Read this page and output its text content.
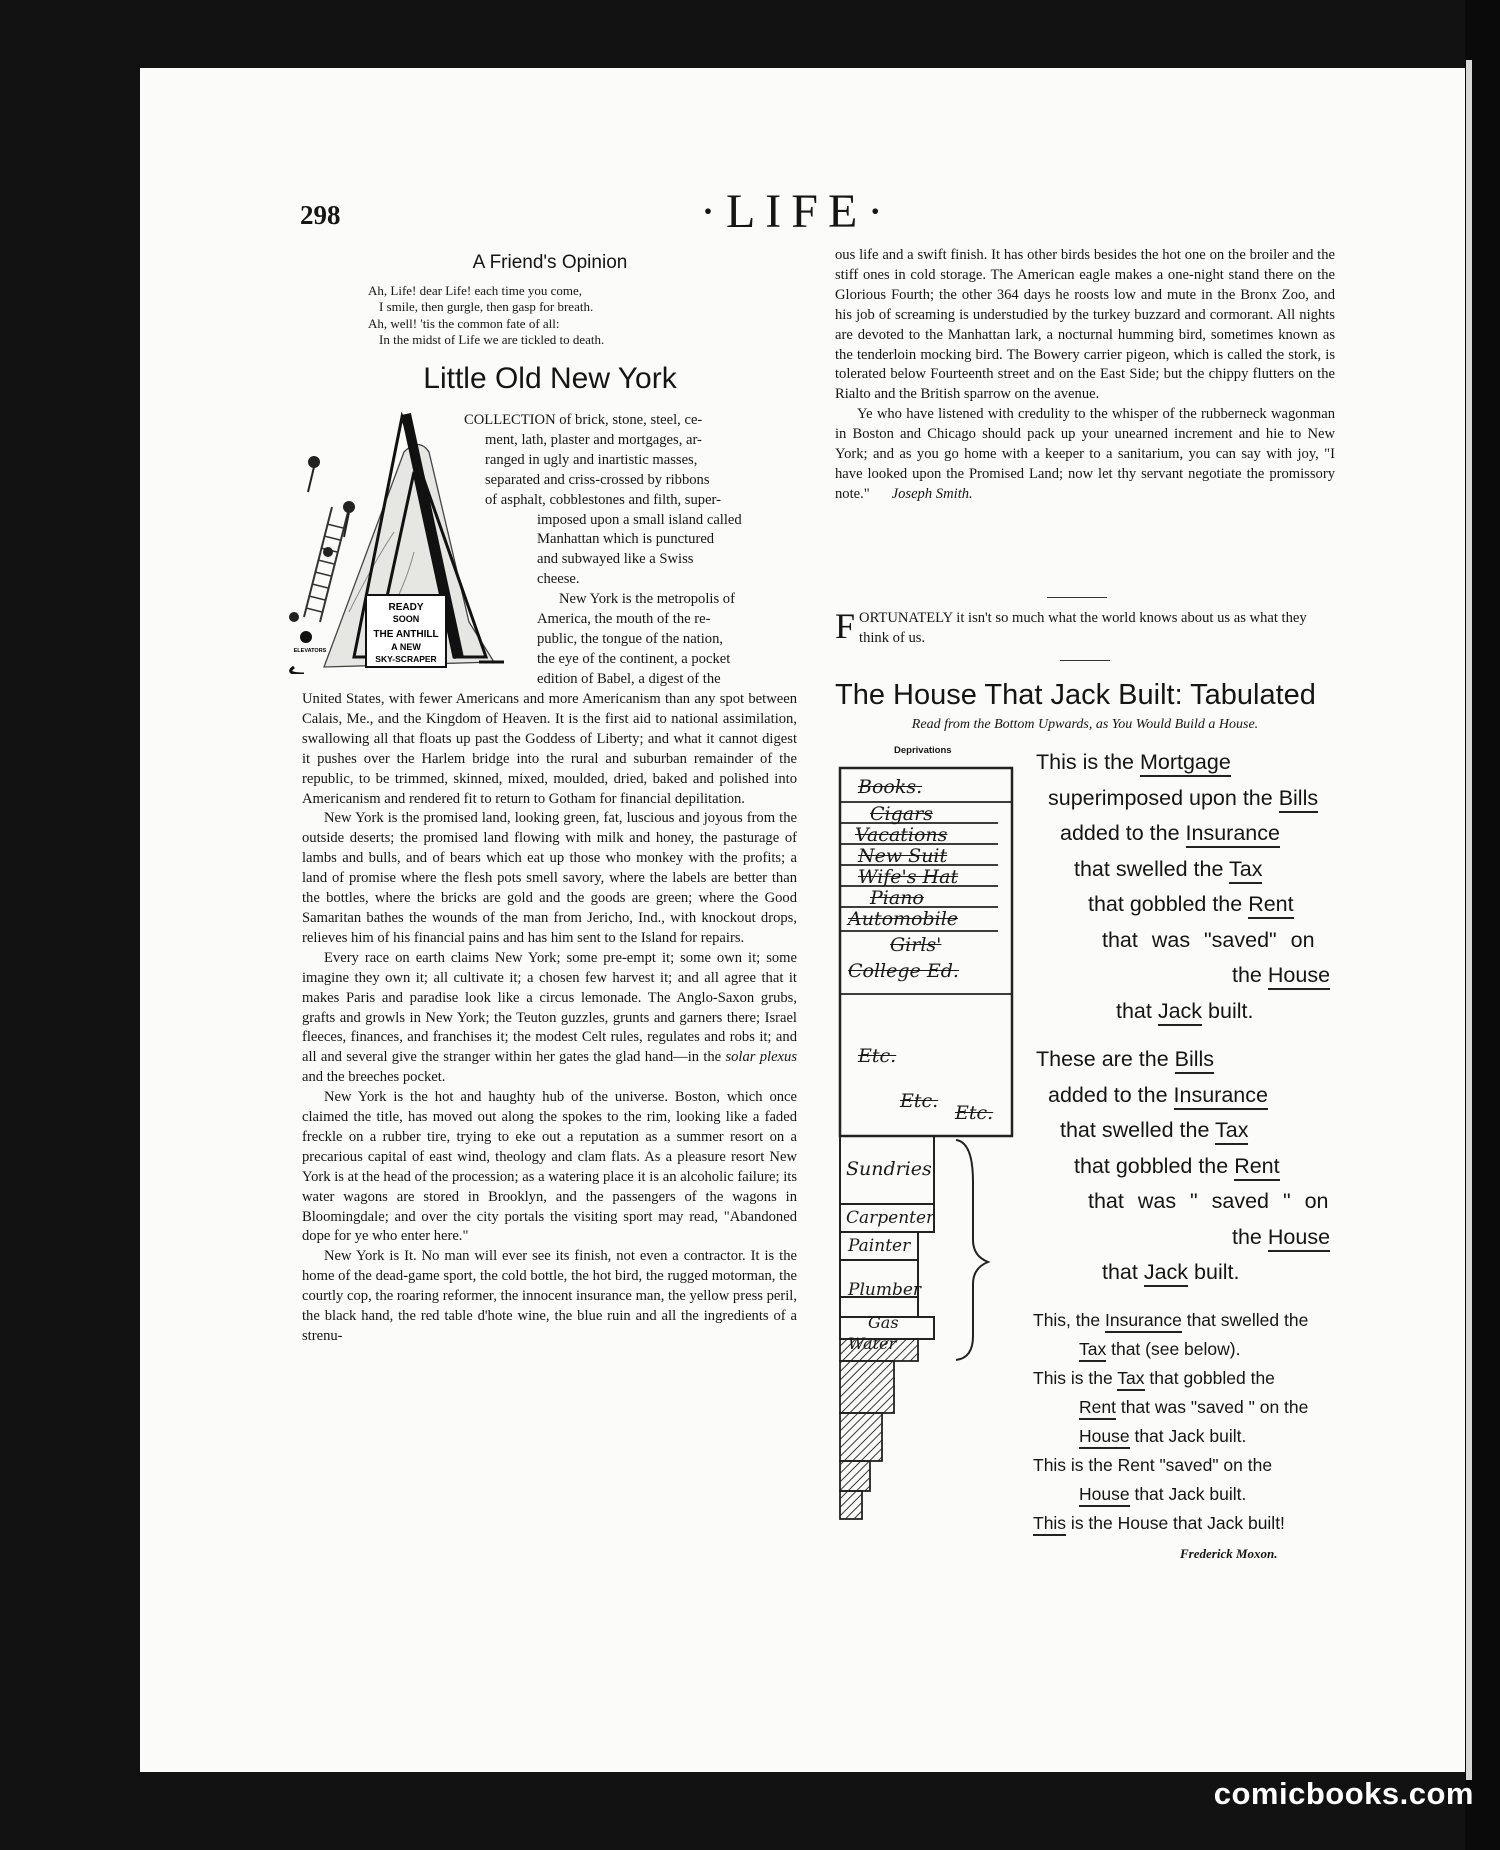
298	·LIFE·
A Friend's Opinion
Ah, Life! dear Life! each time you come,
I smile, then gurgle, then gasp for breath.
Ah, well! 'tis the common fate of all:
In the midst of Life we are tickled to death.
Little Old New York
READY
SOON
THE ANTHILL
A NEW
SKY-SCRAPER
ELEVATORS
COLLECTION of brick, stone, steel, ce-
ment, lath, plaster and mortgages, ar-
ranged in ugly and inartistic masses,
separated and criss-crossed by ribbons
of asphalt, cobblestones and filth, super-
imposed upon a small island called
Manhattan which is punctured
and subwayed like a Swiss
cheese.
New York is the metropolis of
America, the mouth of the re-
public, the tongue of the nation,
the eye of the continent, a pocket
edition of Babel, a digest of the

United States, with fewer Americans and more Americanism than any spot between Calais, Me., and the Kingdom of Heaven. It is the first aid to national assimilation, swallowing all that floats up past the Goddess of Liberty; and what it cannot digest it pushes over the Harlem bridge into the rural and suburban remainder of the republic, to be trimmed, skinned, mixed, moulded, dried, baked and polished into Americanism and rendered fit to return to Gotham for financial depilitation.

New York is the promised land, looking green, fat, luscious and joyous from the outside deserts; the promised land flowing with milk and honey, the pasturage of lambs and bulls, and of bears which eat up those who monkey with the profits; a land of promise where the flesh pots smell savory, where the labels are better than the bottles, where the bricks are gold and the goods are green; where the Good Samaritan bathes the wounds of the man from Jericho, Ind., with knockout drops, relieves him of his financial pains and has him sent to the Island for repairs.

Every race on earth claims New York; some pre-empt it; some own it; some imagine they own it; all cultivate it; a chosen few harvest it; and all agree that it makes Paris and paradise look like a circus lemonade. The Anglo-Saxon grubs, grafts and growls in New York; the Teuton guzzles, grunts and garners there; Israel fleeces, finances, and franchises it; the modest Celt rules, regulates and robs it; and all and several give the stranger within her gates the glad hand—in the solar plexus and the breeches pocket.

New York is the hot and haughty hub of the universe. Boston, which once claimed the title, has moved out along the spokes to the rim, looking like a faded freckle on a rubber tire, trying to eke out a reputation as a summer resort on a precarious capital of east wind, theology and clam flats. As a pleasure resort New York is at the head of the procession; as a watering place it is an alcoholic failure; its water wagons are stored in Brooklyn, and the passengers of the wagons in Bloomingdale; and over the city portals the visiting sport may read, "Abandoned dope for ye who enter here."

New York is It. No man will ever see its finish, not even a contractor. It is the home of the dead-game sport, the cold bottle, the hot bird, the rugged motorman, the courtly cop, the roaring reformer, the innocent insurance man, the yellow press peril, the black hand, the red table d'hote wine, the blue ruin and all the ingredients of a strenu-

ous life and a swift finish. It has other birds besides the hot one on the broiler and the stiff ones in cold storage. The American eagle makes a one-night stand there on the Glorious Fourth; the other 364 days he roosts low and mute in the Bronx Zoo, and his job of screaming is understudied by the turkey buzzard and cormorant. All nights are devoted to the Manhattan lark, a nocturnal humming bird, sometimes known as the tenderloin mocking bird. The Bowery carrier pigeon, which is called the stork, is tolerated below Fourteenth street and on the East Side; but the chippy flutters on the Rialto and the British sparrow on the avenue.

Ye who have listened with credulity to the whisper of the rubberneck wagonman in Boston and Chicago should pack up your unearned increment and hie to New York; and as you go home with a keeper to a sanitarium, you can say with joy, "I have looked upon the Promised Land; now let thy servant negotiate the promissory note." Joseph Smith.

FORTUNATELY it isn't so much what the world knows about us as what they think of us.
The House That Jack Built: Tabulated
Read from the Bottom Upwards, as You Would Build a House.
Deprivations
Books.
Cigars
Vacations
New Suit
Wife's Hat
Piano
Automobile
Girls'
College Ed.
Etc.
Etc.
Etc.
Sundries
Carpenter
Painter
Plumber
Gas
Water
This is the Mortgage
superimposed upon the Bills
added to the Insurance
that swelled the Tax
that gobbled the Rent
that was "saved" on
the House
that Jack built.
These are the Bills
added to the Insurance
that swelled the Tax
that gobbled the Rent
that was " saved " on
the House
that Jack built.
This, the Insurance that swelled the
Tax that (see below).
This is the Tax that gobbled the
Rent that was "saved " on the
House that Jack built.
This is the Rent "saved" on the
House that Jack built.
This is the House that Jack built!
Frederick Moxon.
comicbooks.com
